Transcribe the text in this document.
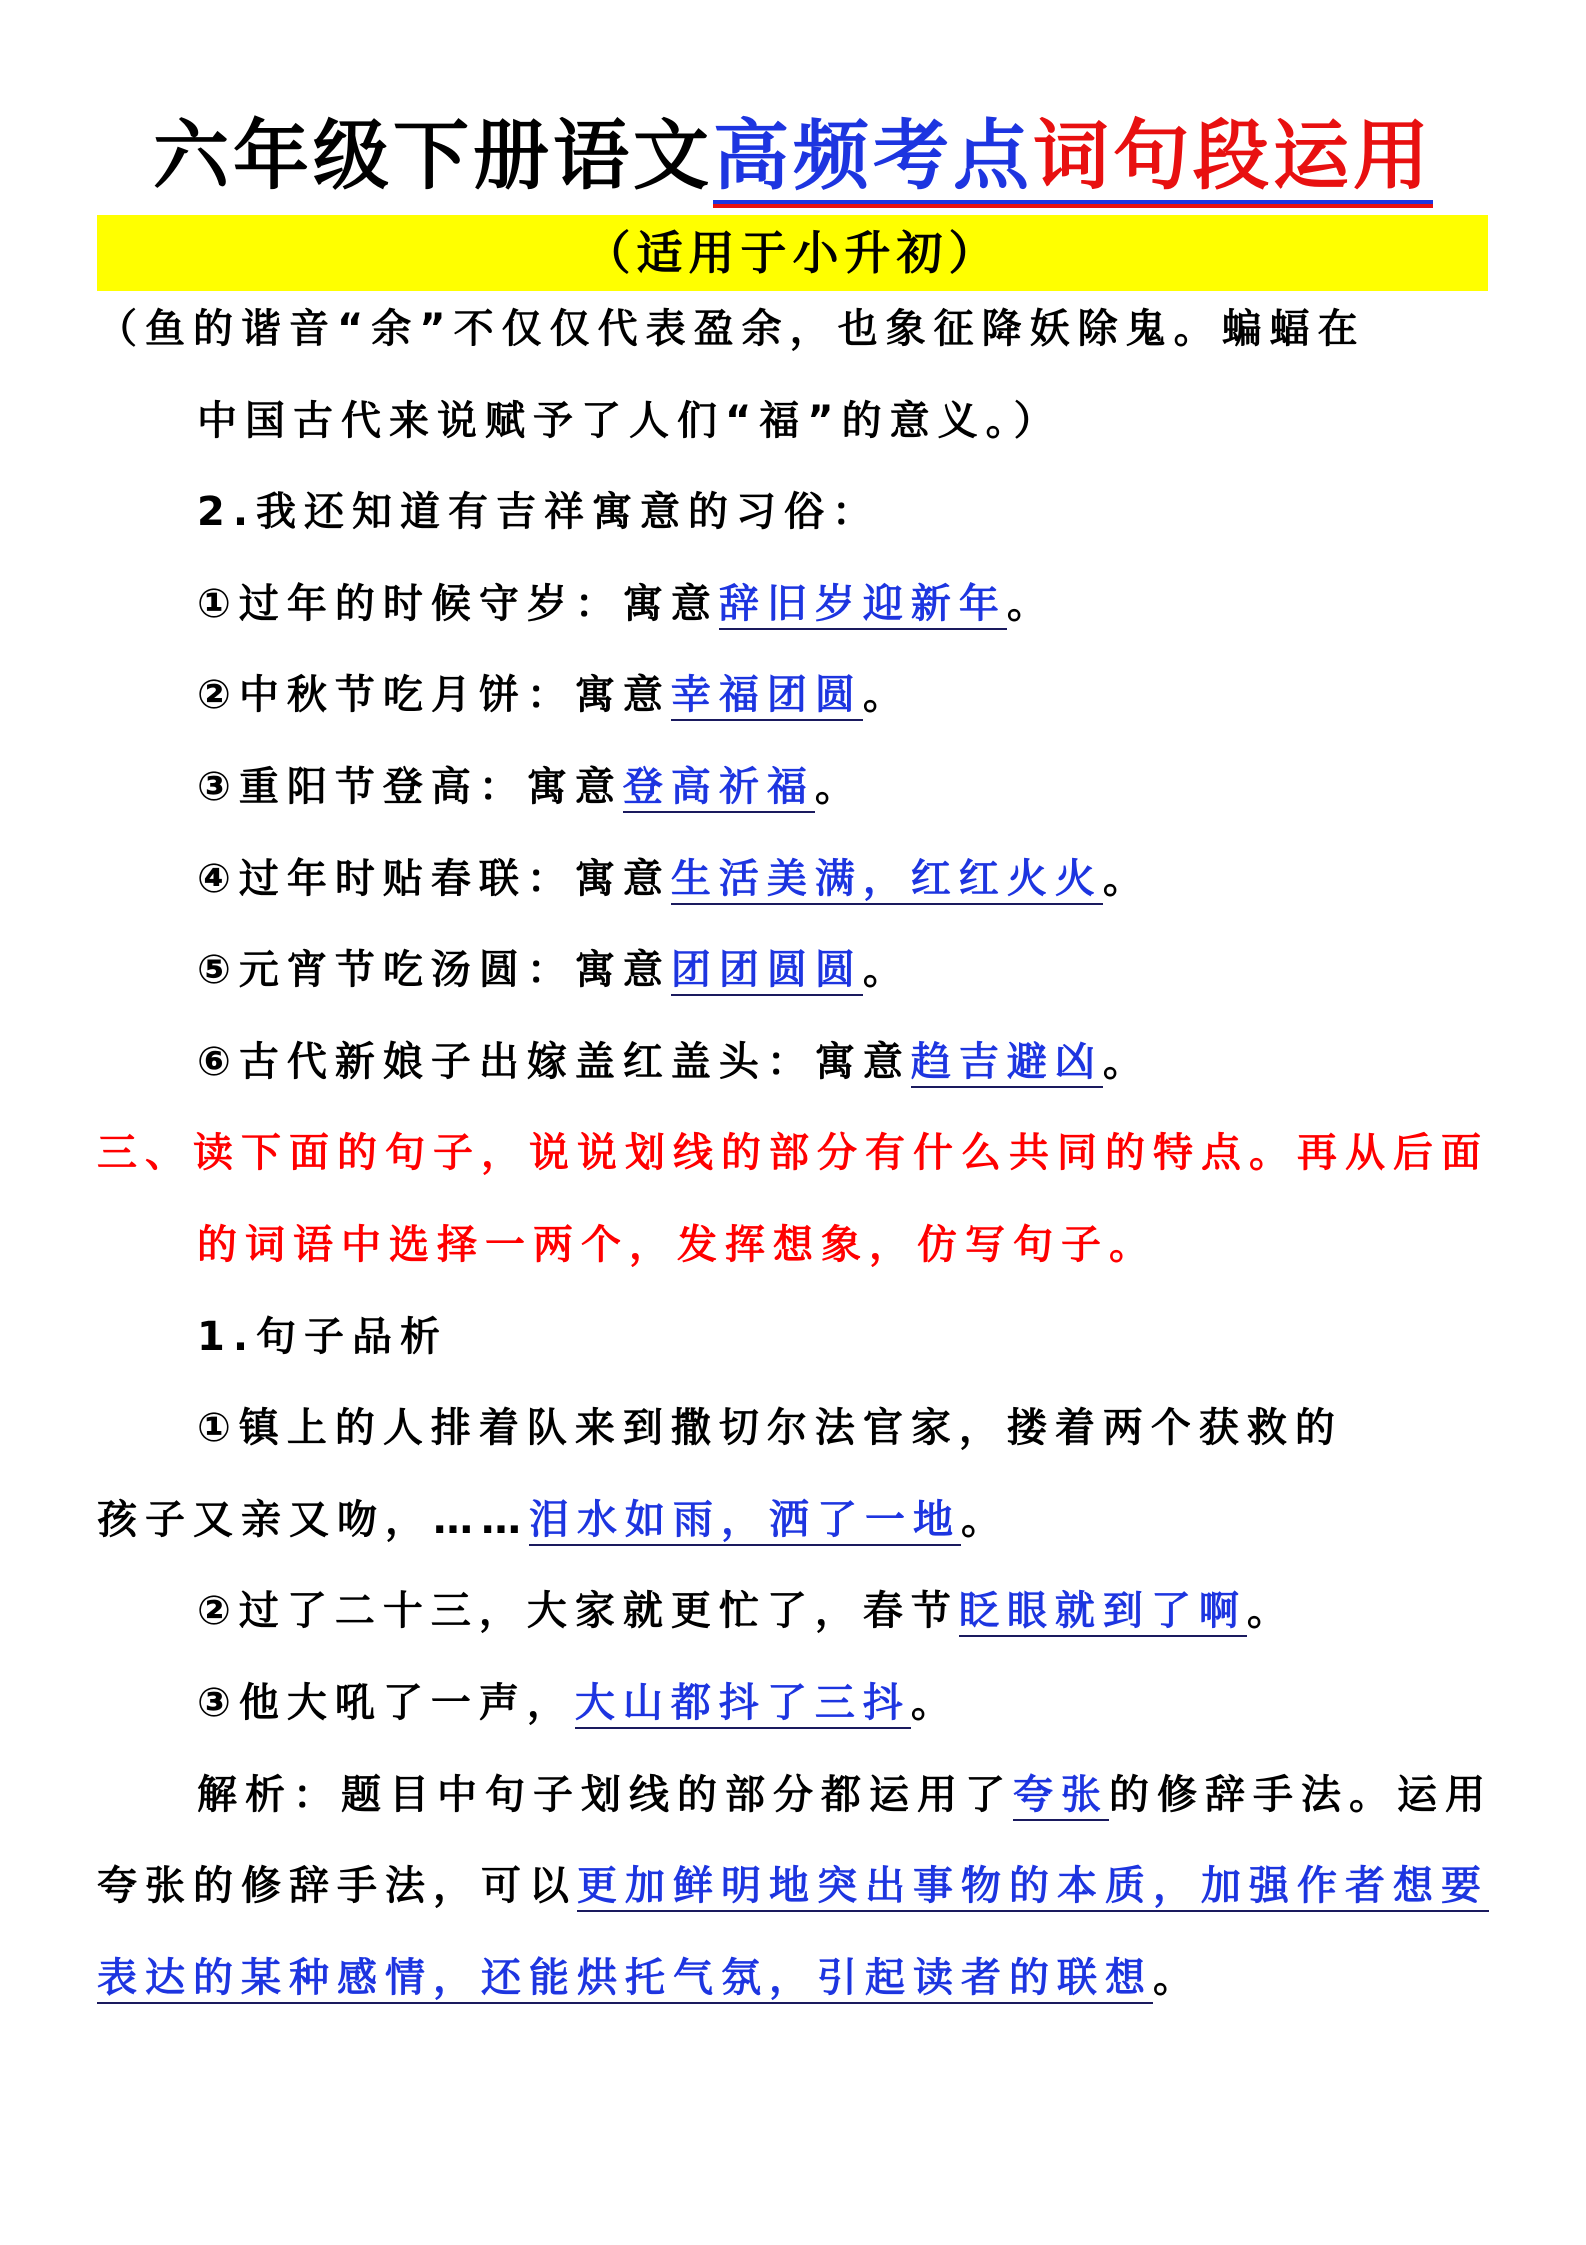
六年级下册语文高频考点词句段运用
（适用于小升初）
（鱼的谐音“余”不仅仅代表盈余，也象征降妖除鬼。蝙蝠在
中国古代来说赋予了人们“福”的意义。）
2.我还知道有吉祥寓意的习俗：
①过年的时候守岁：寓意辞旧岁迎新年。
②中秋节吃月饼：寓意幸福团圆。
③重阳节登高：寓意登高祈福。
④过年时贴春联：寓意生活美满，红红火火。
⑤元宵节吃汤圆：寓意团团圆圆。
⑥古代新娘子出嫁盖红盖头：寓意趋吉避凶。
三、读下面的句子，说说划线的部分有什么共同的特点。再从后面
的词语中选择一两个，发挥想象，仿写句子。
1.句子品析
①镇上的人排着队来到撒切尔法官家，搂着两个获救的
孩子又亲又吻，……泪水如雨，洒了一地。
②过了二十三，大家就更忙了，春节眨眼就到了啊。
③他大吼了一声，大山都抖了三抖。
解析：题目中句子划线的部分都运用了夸张的修辞手法。运用
夸张的修辞手法，可以更加鲜明地突出事物的本质，加强作者想要
表达的某种感情，还能烘托气氛，引起读者的联想。
